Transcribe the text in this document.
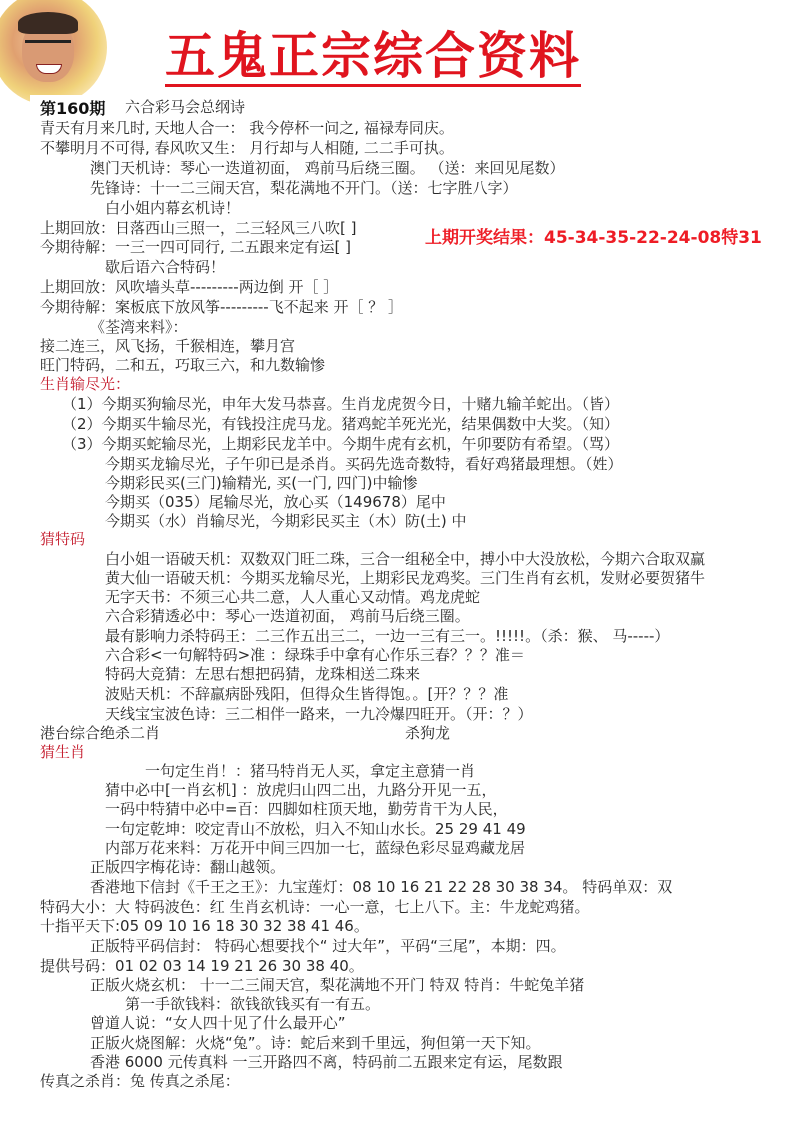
五鬼正宗综合资料
第160期 六合彩马会总纲诗
上期开奖结果：45-34-35-22-24-08特31
青天有月来几时, 天地人合一： 我今停杯一问之, 福禄寿同庆。
不攀明月不可得, 春风吹又生： 月行却与人相随, 二二手可执。
澳门天机诗：琴心一迭道初面， 鸡前马后绕三圈。 （送：来回见尾数）
先锋诗：十一二三闹天宫，梨花满地不开门。（送：七字胜八字）
白小姐内幕玄机诗！
上期回放：日落西山三照一，二三轻风三八吹[ ]
今期待解：一三一四可同行, 二五跟来定有运[ ]
歇后语六合特码！
上期回放：风吹墙头草---------两边倒 开［ ］
今期待解：案板底下放风筝---------飞不起来 开［ ？ ］
《荃湾来料》：
接二连三，风飞扬，千猴相连，攀月宫
旺门特码，二和五，巧取三六，和九数输惨
生肖输尽光：
（1）今期买狗输尽光，申年大发马恭喜。生肖龙虎贺今日，十赌九输羊蛇出。（皆）
（2）今期买牛输尽光，有钱投注虎马龙。猪鸡蛇羊死光光，结果偶数中大奖。（知）
（3）今期买蛇输尽光，上期彩民龙羊中。今期牛虎有玄机，午卯要防有希望。（骂）
今期买龙输尽光，子午卯已是杀肖。买码先选奇数特，看好鸡猪最理想。（姓）
今期彩民买(三门)输精光, 买(一门, 四门)中输惨
今期买（035）尾输尽光，放心买（149678）尾中
今期买（水）肖输尽光，今期彩民买主（木）防(土) 中
猜特码
白小姐一语破天机：双数双门旺二珠，三合一组秘全中，搏小中大没放松，今期六合取双赢
黄大仙一语破天机：今期买龙输尽光，上期彩民龙鸡奖。三门生肖有玄机，发财必要贺猪牛
无字天书：不须三心共二意，人人重心又动情。鸡龙虎蛇
六合彩猜透必中：琴心一迭道初面， 鸡前马后绕三圈。
最有影响力杀特码王：二三作五出三二，一边一三有三一。!!!!!。（杀：猴、 马-----）
六合彩<一句解特码>准 ：绿珠手中拿有心作乐三春？？？准＝
特码大竞猜：左思右想把码猜，龙珠相送二珠来
波贴天机：不辞羸病卧残阳，但得众生皆得饱。。[开？？？准
天线宝宝波色诗：三二相伴一路来，一九冷爆四旺开。（开：？）
港台综合绝杀二肖	杀狗龙
猜生肖
一句定生肖！：猪马特肖无人买，拿定主意猜一肖
猜中必中[一肖玄机] ：放虎归山四二出，九路分开见一五，
一码中特猜中必中=百：四脚如柱顶天地，勤劳肯干为人民，
一句定乾坤：咬定青山不放松，归入不知山水长。25 29 41 49
内部万花来料：万花开中间三四加一七，蓝绿色彩尽显鸡藏龙居
正版四字梅花诗：翻山越领。
香港地下信封《千王之王》：九宝莲灯：08 10 16 21 22 28 30 38 34。 特码单双：双
特码大小：大 特码波色：红 生肖玄机诗：一心一意，七上八下。主：牛龙蛇鸡猪。
十指平天下:05 09 10 16 18 30 32 38 41 46。
正版特平码信封： 特码心想要找个“ 过大年”，平码“三尾”，本期：四。
提供号码：01 02 03 14 19 21 26 30 38 40。
正版火烧玄机： 十一二三闹天宫，梨花满地不开门 特双 特肖：牛蛇兔羊猪
第一手欲钱料：欲钱欲钱买有一有五。
曾道人说：“女人四十见了什么最开心”
正版火烧图解：火烧“兔”。诗：蛇后来到千里远，狗但第一天下知。
香港 6000 元传真料 一三开路四不离，特码前二五跟来定有运，尾数跟
传真之杀肖：兔 传真之杀尾：
